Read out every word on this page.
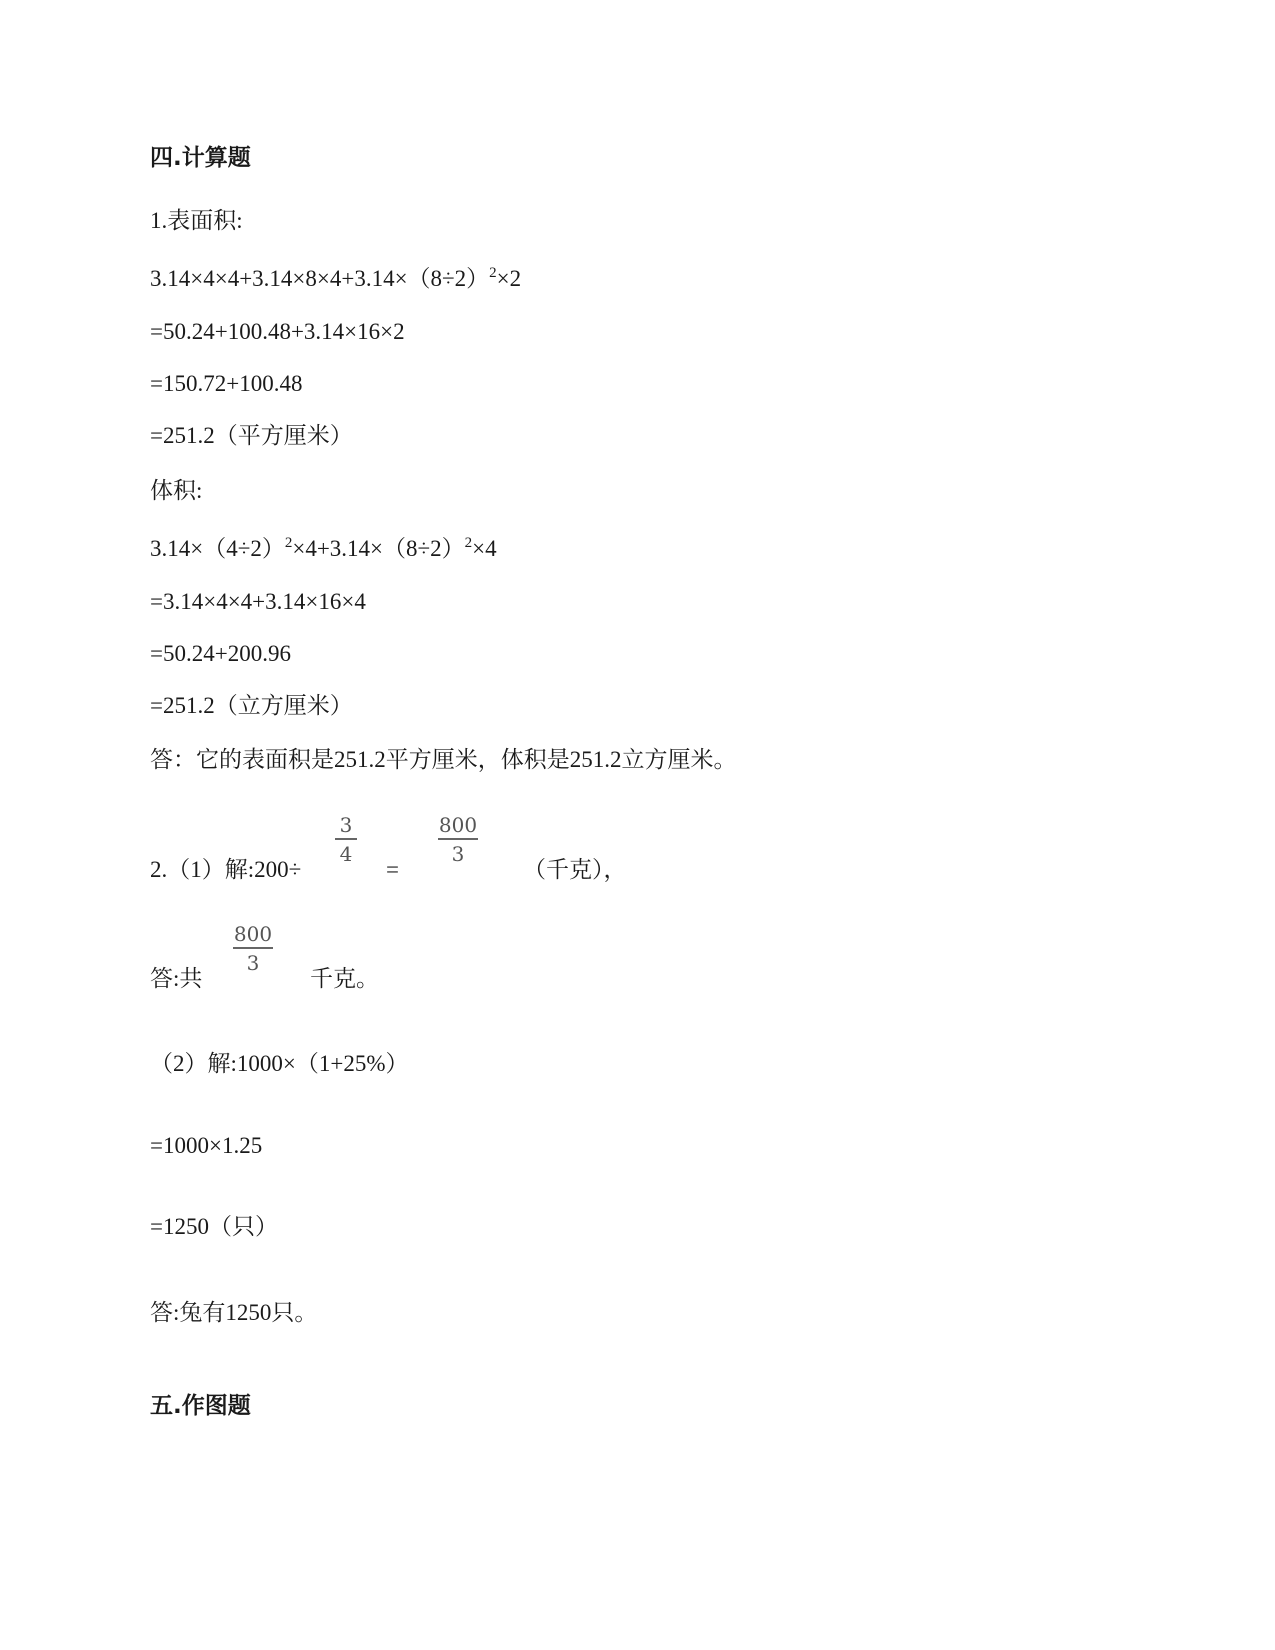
四.计算题
1.表面积:
$3.14\times 4\times 4+3.14\times 8\times 4+3.14\times(8\div 2)^2\times 2$
=50.24+100.48+3.14×16×2
=150.72+100.48
=251.2（平方厘米）
体积:
$3.14\times(4\div 2)^2\times 4+3.14\times(8\div 2)^2\times 4$
=3.14×4×4+3.14×16×4
=50.24+200.96
=251.2（立方厘米）
答：它的表面积是251.2平方厘米，体积是251.2立方厘米。
2.（1）解:200÷
3
4
=
800
3
（千克），
答:共
800
3
千克。
（2）解:1000×（1+25%）
=1000×1.25
=1250（只）
答:兔有1250只。
五.作图题
